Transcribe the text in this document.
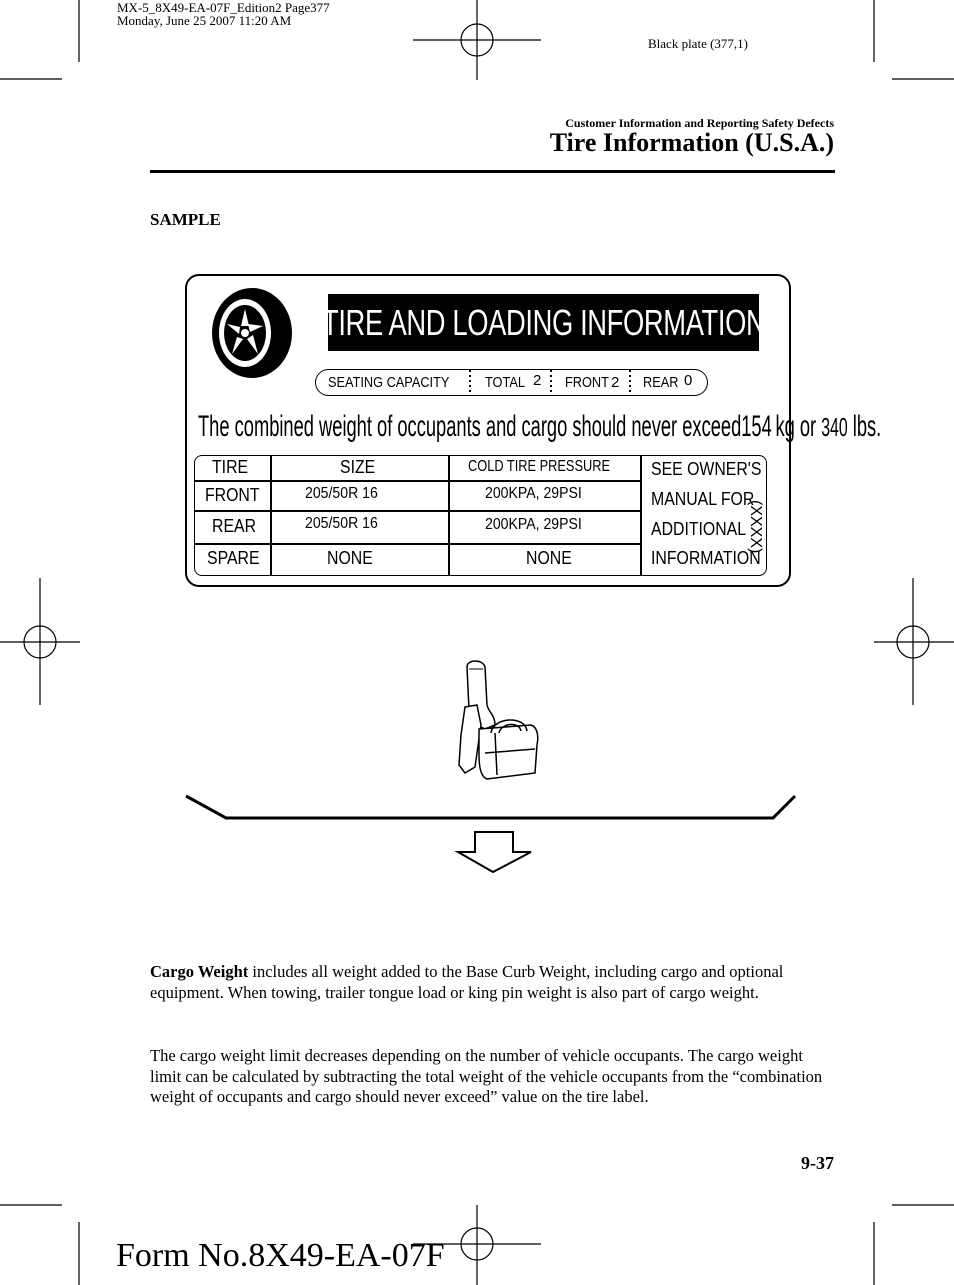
MX-5_8X49-EA-07F_Edition2 Page377
Monday, June 25 2007 11:20 AM
Black plate (377,1)
Customer Information and Reporting Safety Defects
Tire Information (U.S.A.)
SAMPLE
TIRE AND LOADING INFORMATION
SEATING CAPACITY TOTAL 2 FRONT 2 REAR 0
The combined weight of occupants and cargo should never exceed154 kg or 340 lbs.
TIRE	SIZE	COLD TIRE PRESSURE
FRONT	205/50R 16	200KPA, 29PSI
REAR	205/50R 16	200KPA, 29PSI
SPARE	NONE	NONE
SEE OWNER'S
MANUAL FOR
ADDITIONAL
INFORMATION
(XXXX)
Cargo Weight includes all weight added to the Base Curb Weight, including cargo and optional equipment. When towing, trailer tongue load or king pin weight is also part of cargo weight.
The cargo weight limit decreases depending on the number of vehicle occupants. The cargo weight limit can be calculated by subtracting the total weight of the vehicle occupants from the “combination weight of occupants and cargo should never exceed” value on the tire label.
9-37
Form No.8X49-EA-07F
